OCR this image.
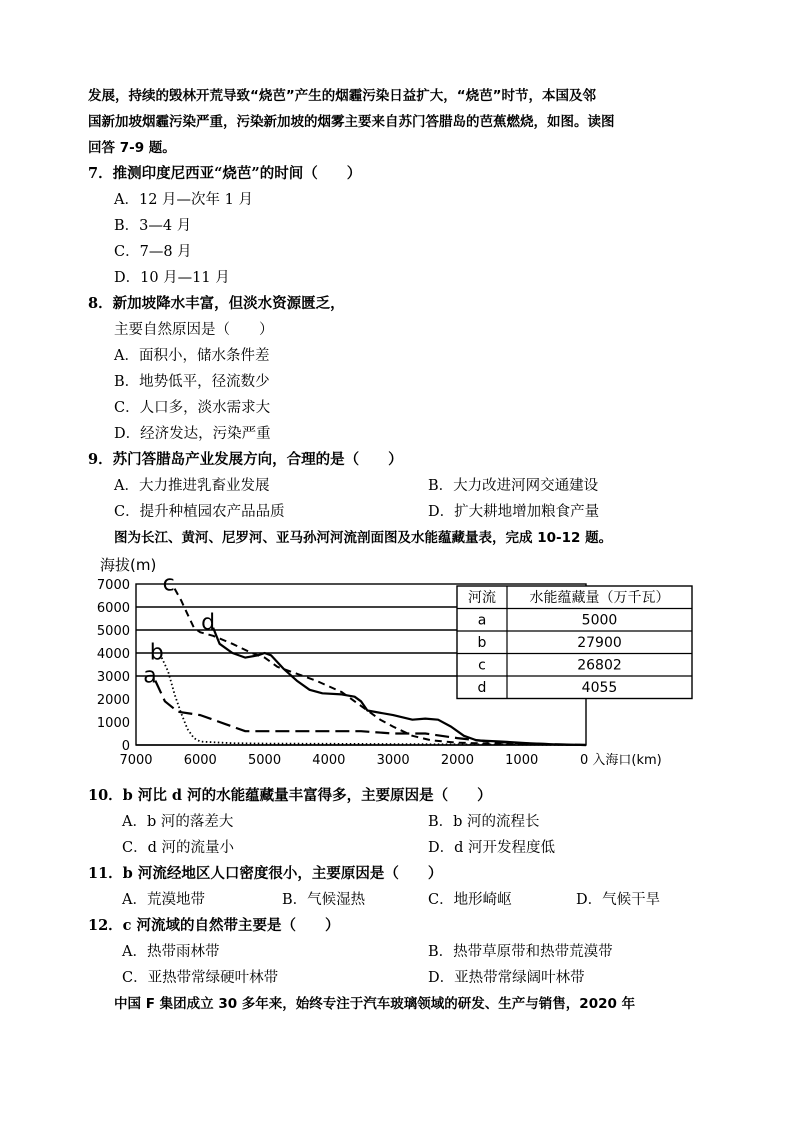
发展，持续的毁林开荒导致“烧芭”产生的烟霾污染日益扩大，“烧芭”时节，本国及邻
国新加坡烟霾污染严重，污染新加坡的烟雾主要来自苏门答腊岛的芭蕉燃烧，如图。读图
回答 7-9 题。
7．推测印度尼西亚“烧芭”的时间（　　）
A．12 月—次年 1 月
B．3—4 月
C．7—8 月
D．10 月—11 月
8．新加坡降水丰富，但淡水资源匮乏，
主要自然原因是（　　）
A．面积小，储水条件差
B．地势低平，径流数少
C．人口多，淡水需求大
D．经济发达，污染严重
9．苏门答腊岛产业发展方向，合理的是（　　）
A．大力推进乳畜业发展	B．大力改进河网交通建设
C．提升种植园农产品品质	D．扩大耕地增加粮食产量
图为长江、黄河、尼罗河、亚马孙河河流剖面图及水能蕴藏量表，完成 10-12 题。
海拔(m)
7000
6000
5000
4000
3000
2000
1000
0
7000 6000 5000 4000 3000 2000 1000	0 入海口(km)
a
b
c
d
河流 水能蕴藏量（万千瓦）
a	5000
b	27900
c	26802
d	4055
10．b 河比 d 河的水能蕴藏量丰富得多，主要原因是（　　）
A．b 河的落差大	B．b 河的流程长
C．d 河的流量小	D．d 河开发程度低
11．b 河流经地区人口密度很小，主要原因是（　　）
A．荒漠地带	B．气候湿热	C．地形崎岖	D．气候干旱
12．c 河流域的自然带主要是（　　）
A．热带雨林带	B．热带草原带和热带荒漠带
C．亚热带常绿硬叶林带	D．亚热带常绿阔叶林带
中国 F 集团成立 30 多年来，始终专注于汽车玻璃领域的研发、生产与销售，2020 年
